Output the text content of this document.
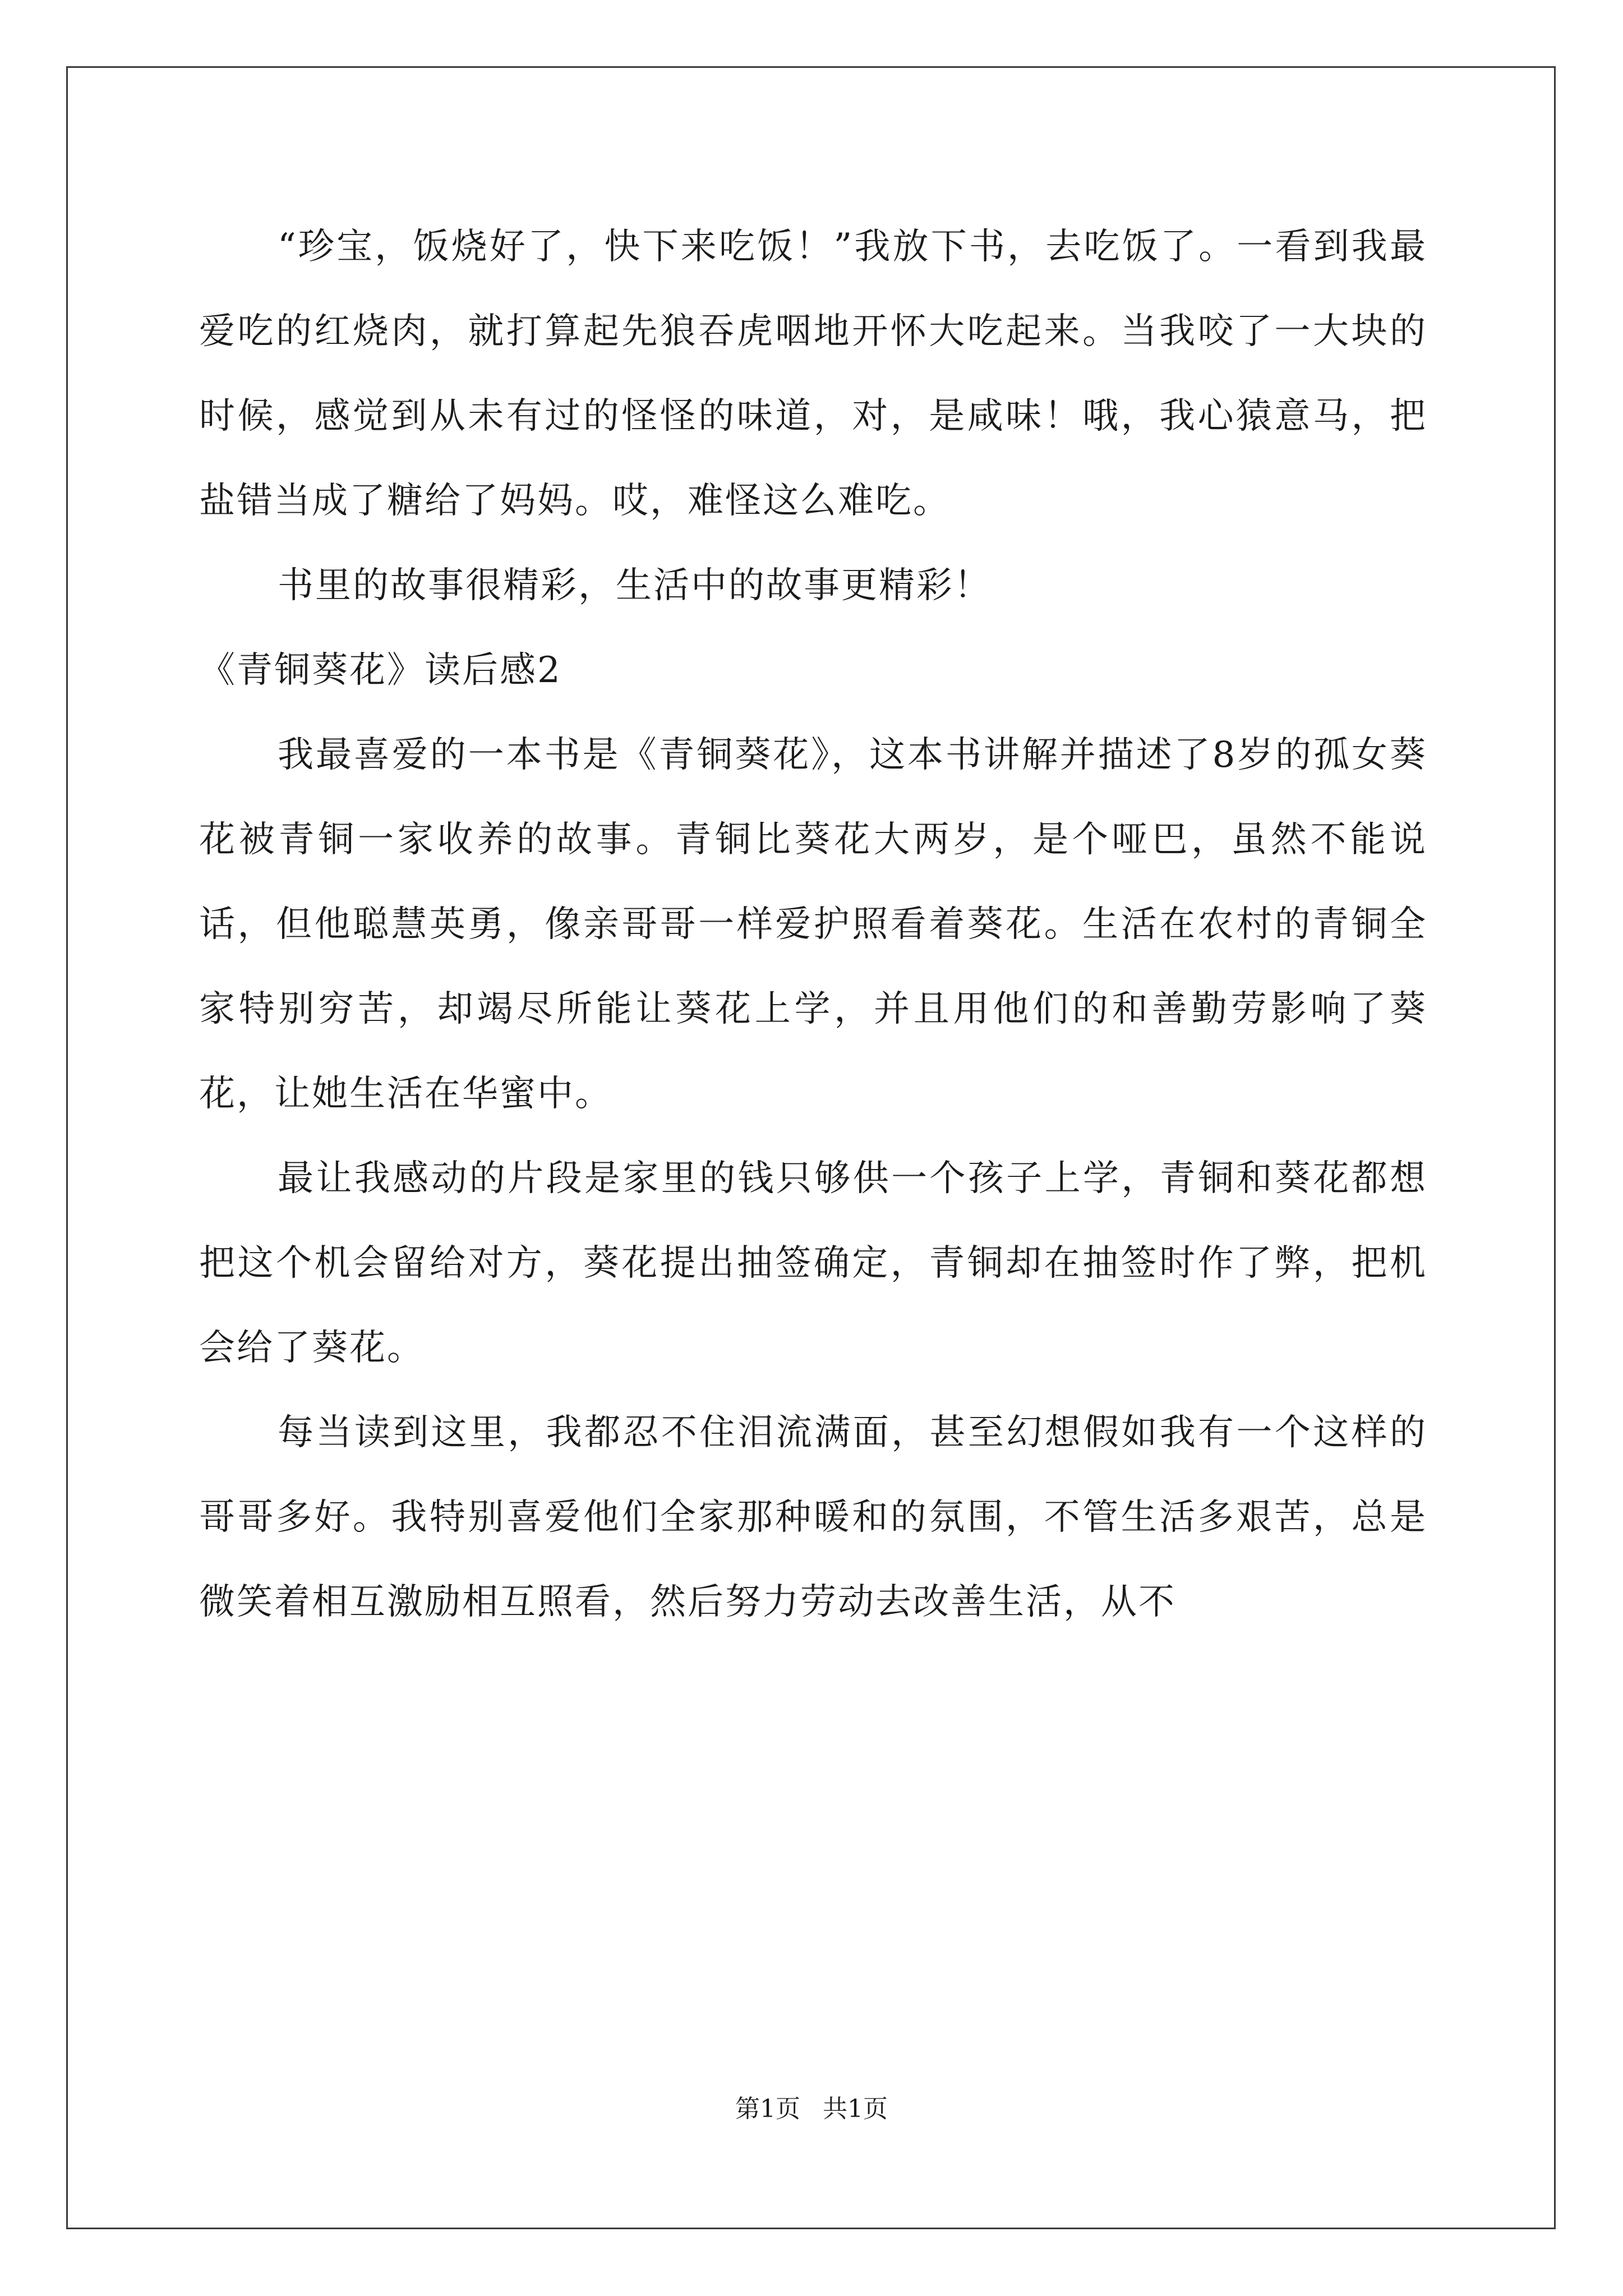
“珍宝，饭烧好了，快下来吃饭！”我放下书，去吃饭了。一看到我最爱吃的红烧肉，就打算起先狼吞虎咽地开怀大吃起来。当我咬了一大块的时候，感觉到从未有过的怪怪的味道，对，是咸味！哦，我心猿意马，把盐错当成了糖给了妈妈。哎，难怪这么难吃。

书里的故事很精彩，生活中的故事更精彩！

《青铜葵花》读后感2

我最喜爱的一本书是《青铜葵花》，这本书讲解并描述了8岁的孤女葵花被青铜一家收养的故事。青铜比葵花大两岁，是个哑巴，虽然不能说话，但他聪慧英勇，像亲哥哥一样爱护照看着葵花。生活在农村的青铜全家特别穷苦，却竭尽所能让葵花上学，并且用他们的和善勤劳影响了葵花，让她生活在华蜜中。

最让我感动的片段是家里的钱只够供一个孩子上学，青铜和葵花都想把这个机会留给对方，葵花提出抽签确定，青铜却在抽签时作了弊，把机会给了葵花。

每当读到这里，我都忍不住泪流满面，甚至幻想假如我有一个这样的哥哥多好。我特别喜爱他们全家那种暖和的氛围，不管生活多艰苦，总是微笑着相互激励相互照看，然后努力劳动去改善生活，从不

第1页 共1页
